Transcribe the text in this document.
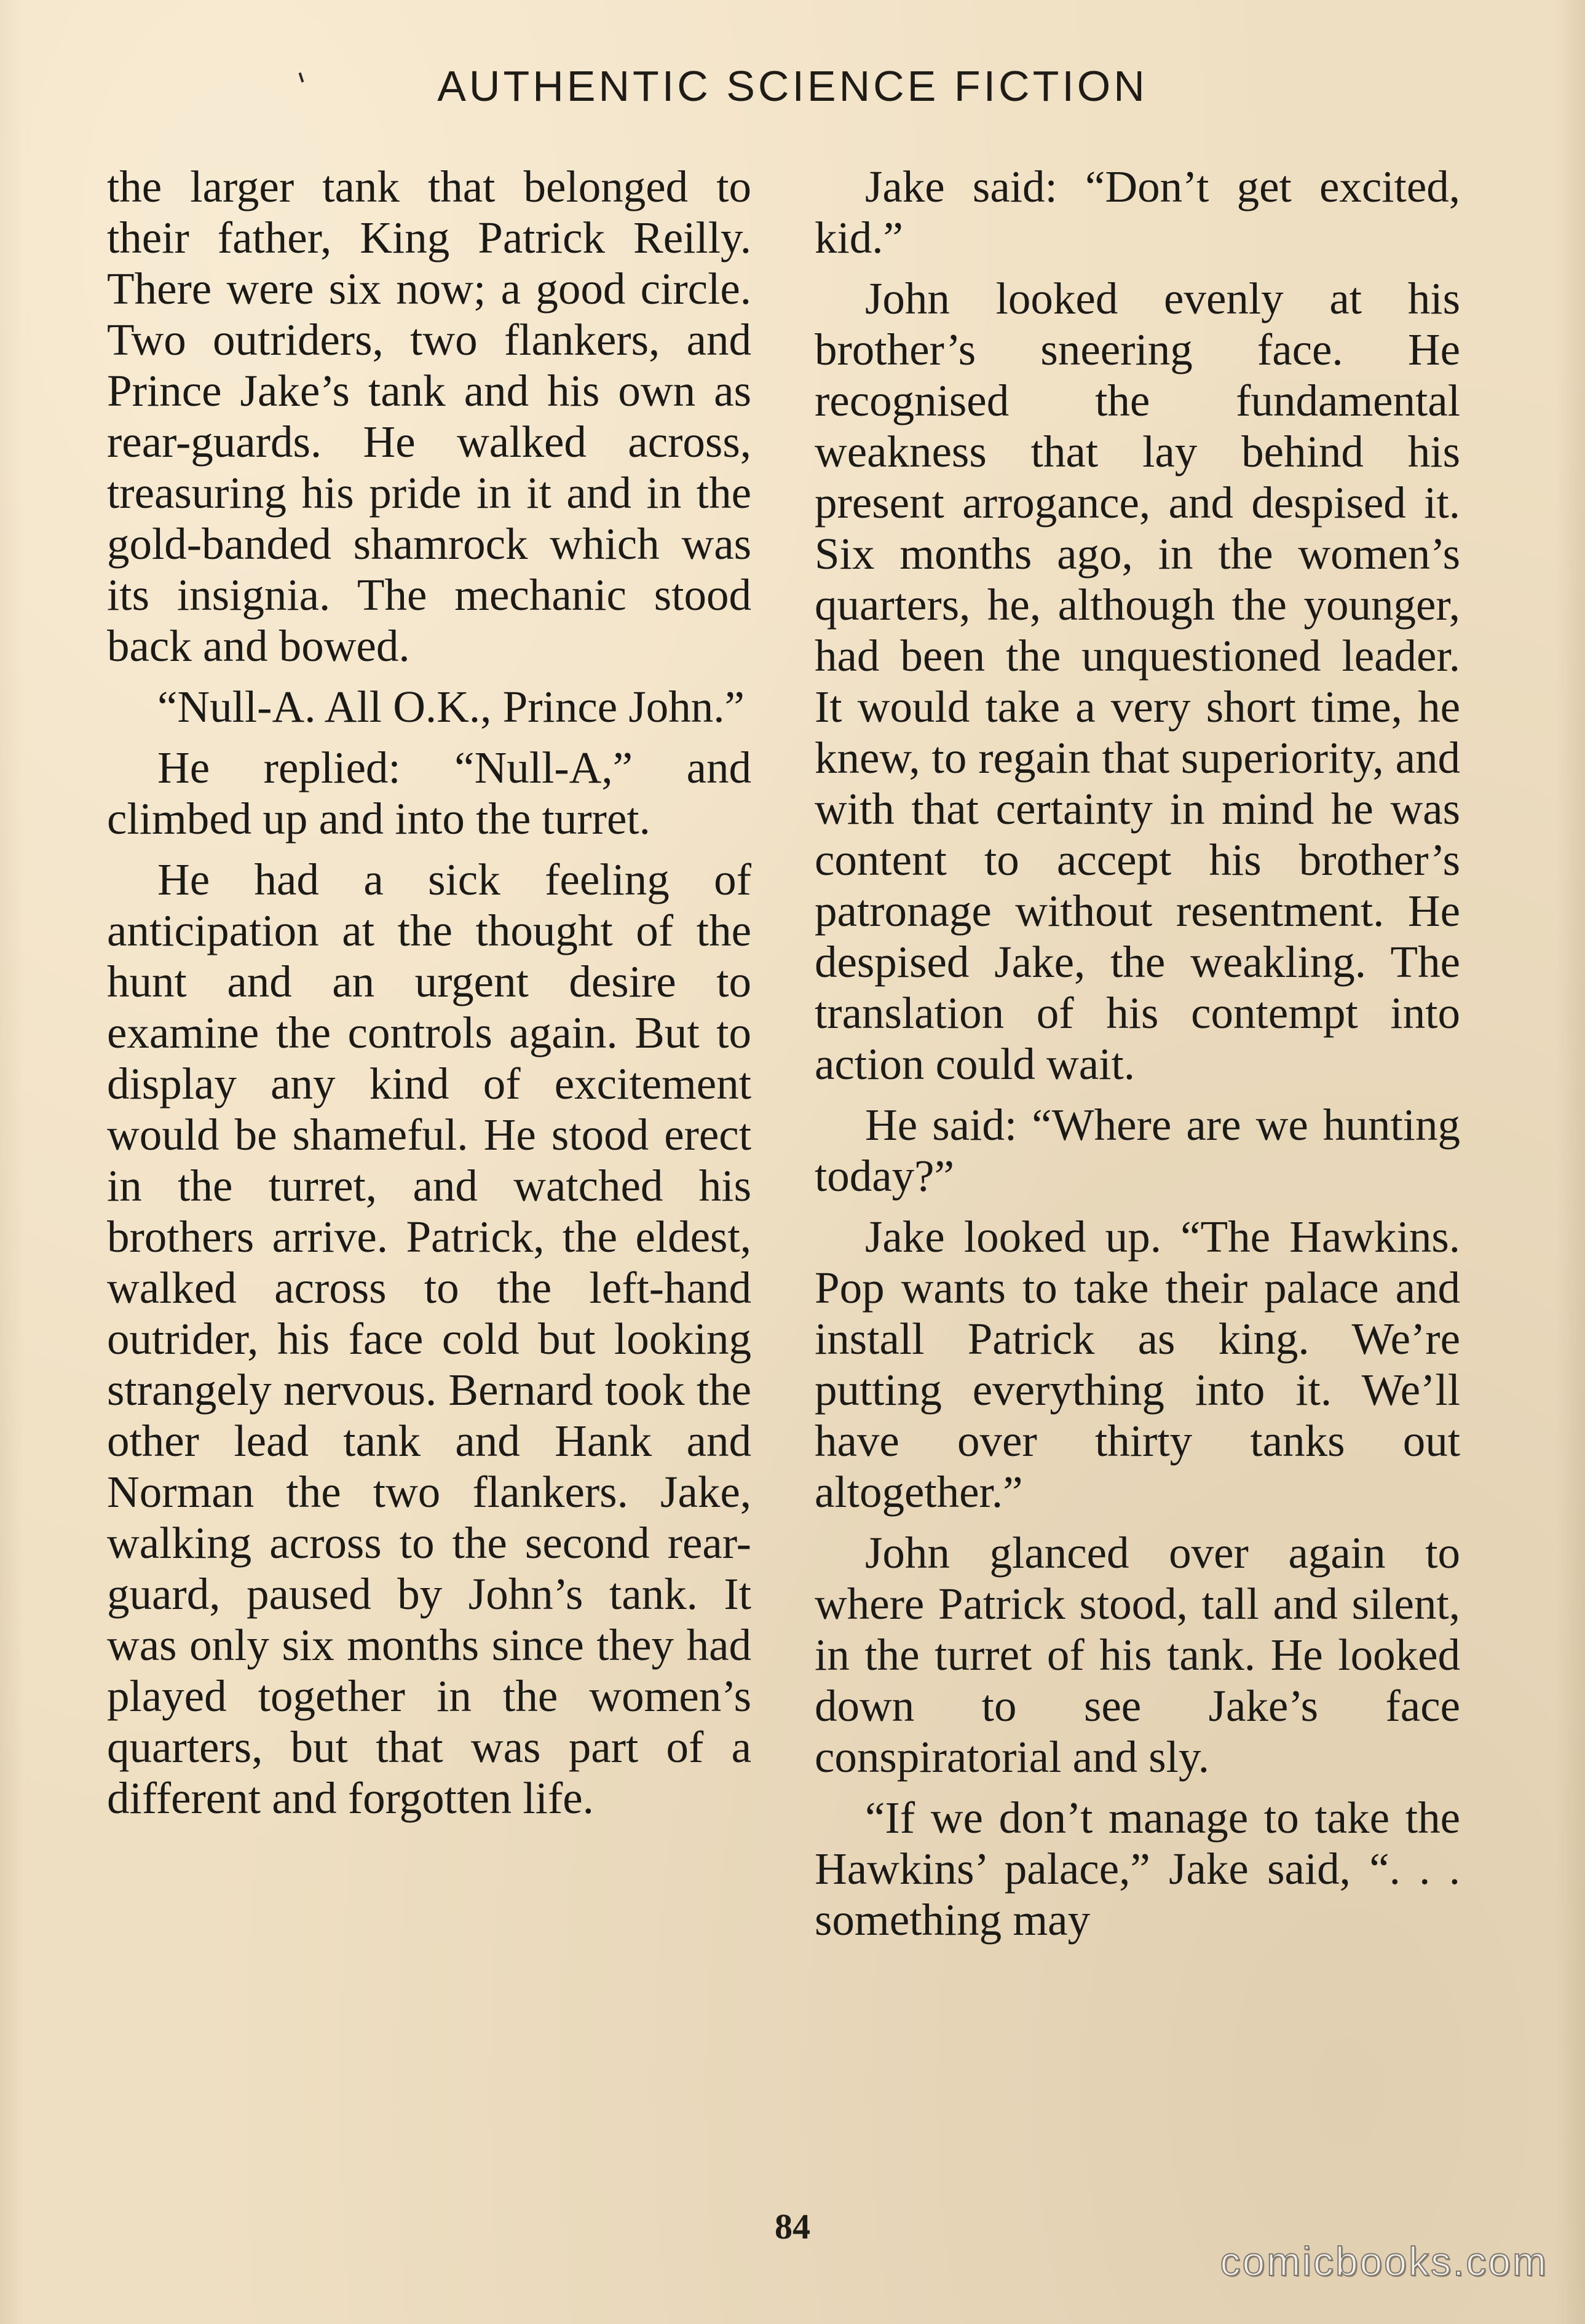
AUTHENTIC SCIENCE FICTION

the larger tank that belonged to their father, King Patrick Reilly. There were six now; a good circle. Two outriders, two flankers, and Prince Jake’s tank and his own as rear-guards. He walked across, treasuring his pride in it and in the gold-banded shamrock which was its insignia. The mechanic stood back and bowed.

“Null-A. All O.K., Prince John.”

He replied: “Null-A,” and climbed up and into the turret.

He had a sick feeling of anticipation at the thought of the hunt and an urgent desire to examine the controls again. But to display any kind of excitement would be shameful. He stood erect in the turret, and watched his brothers arrive. Patrick, the eldest, walked across to the left-hand outrider, his face cold but looking strangely nervous. Bernard took the other lead tank and Hank and Norman the two flankers. Jake, walking across to the second rear-guard, paused by John’s tank. It was only six months since they had played together in the women’s quarters, but that was part of a different and forgotten life.

Jake said: “Don’t get excited, kid.”

John looked evenly at his brother’s sneering face. He recognised the fundamental weakness that lay behind his present arrogance, and despised it. Six months ago, in the women’s quarters, he, although the younger, had been the unquestioned leader. It would take a very short time, he knew, to regain that superiority, and with that certainty in mind he was content to accept his brother’s patronage without resentment. He despised Jake, the weakling. The translation of his contempt into action could wait.

He said: “Where are we hunting today?”

Jake looked up. “The Hawkins. Pop wants to take their palace and install Patrick as king. We’re putting everything into it. We’ll have over thirty tanks out altogether.”

John glanced over again to where Patrick stood, tall and silent, in the turret of his tank. He looked down to see Jake’s face conspiratorial and sly.

“If we don’t manage to take the Hawkins’ palace,” Jake said, “. . . something may

84
comicbooks.com
